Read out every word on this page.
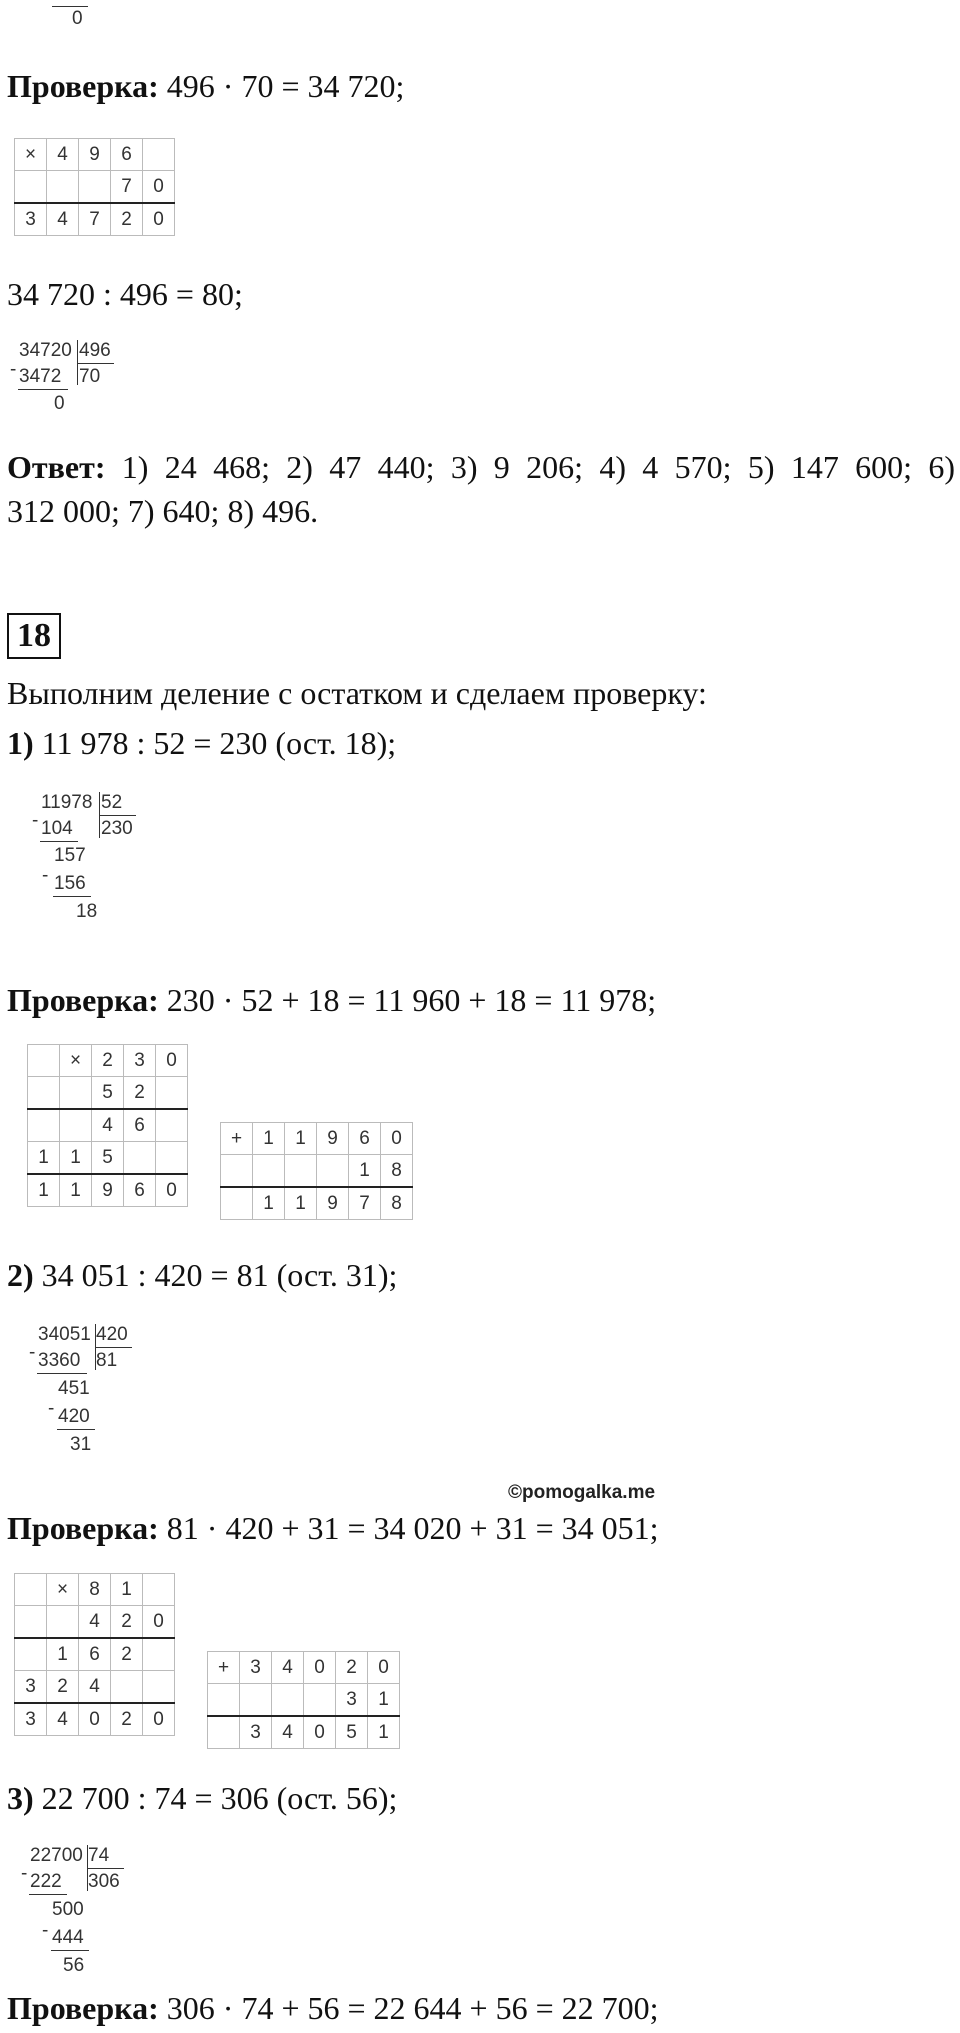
0
Проверка: 496 · 70 = 34 720;
×	4	9	6	
			7	0
3	4	7	2	0
34 720 : 496 = 80;
34720 496
- 3472 70
0
Ответ: 1) 24 468; 2) 47 440; 3) 9 206; 4) 4 570; 5) 147 600; 6)
312 000; 7) 640; 8) 496.
18
Выполним деление с остатком и сделаем проверку:
1) 11 978 : 52 = 230 (ост. 18);
11978 52
- 104 230
157
- 156
18
Проверка: 230 · 52 + 18 = 11 960 + 18 = 11 978;
	×	2	3	0
		5	2	
		4	6	
1	1	5		
1	1	9	6	0
+	1	1	9	6	0
				1	8
	1	1	9	7	8
2) 34 051 : 420 = 81 (ост. 31);
34051 420
- 3360 81
451
- 420
31
©pomogalka.me
Проверка: 81 · 420 + 31 = 34 020 + 31 = 34 051;
	×	8	1	
		4	2	0
	1	6	2	
3	2	4		
3	4	0	2	0
+	3	4	0	2	0
				3	1
	3	4	0	5	1
3) 22 700 : 74 = 306 (ост. 56);
22700 74
- 222 306
500
- 444
56
Проверка: 306 · 74 + 56 = 22 644 + 56 = 22 700;
